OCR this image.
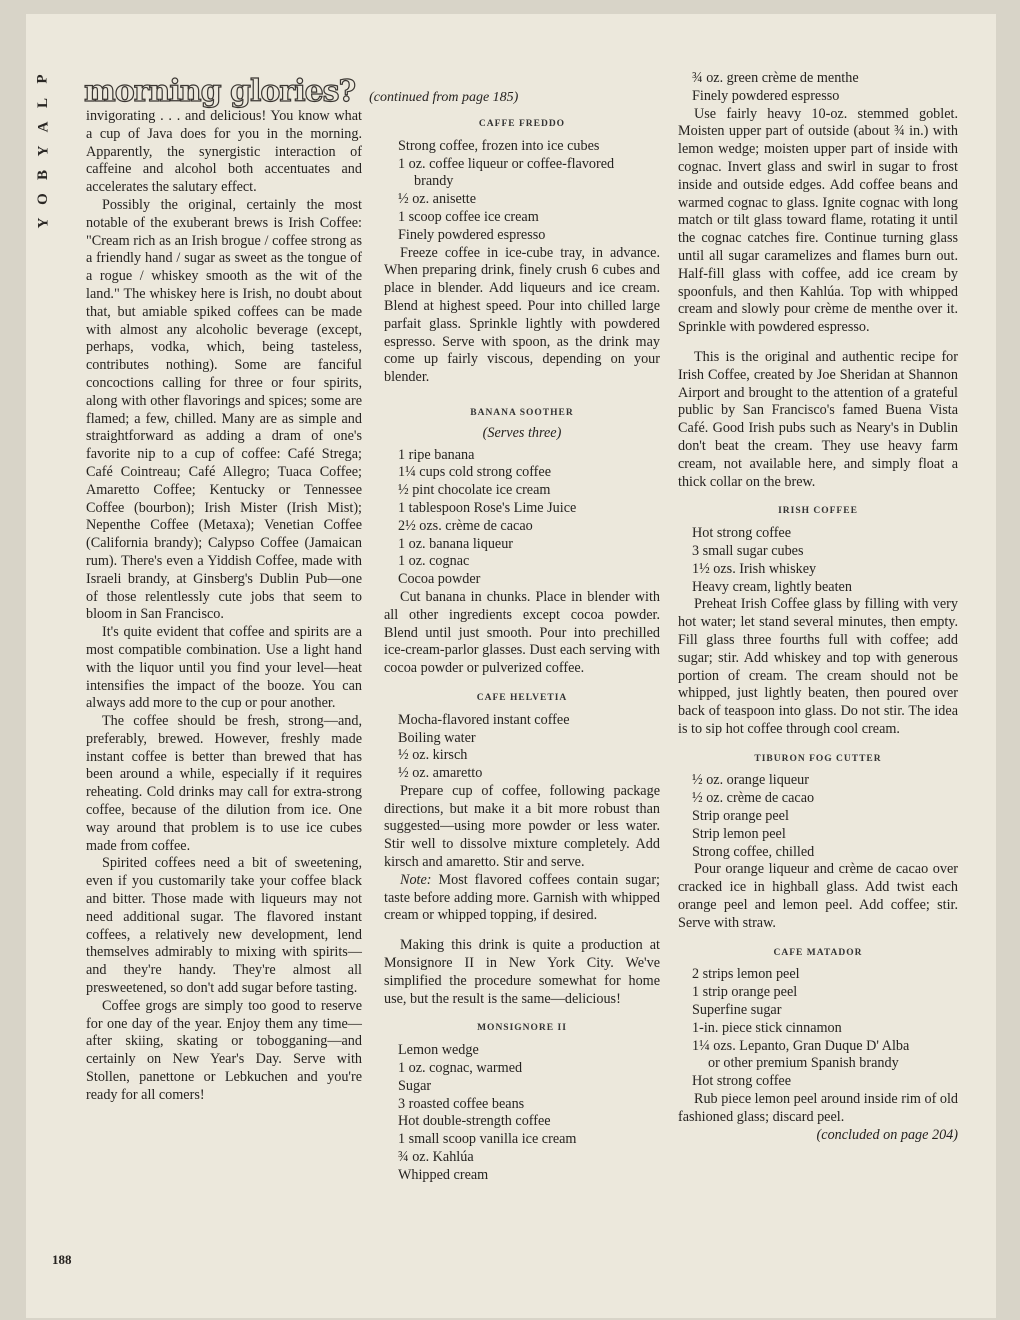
P
L
A
Y
B
O
Y
morning glories? (continued from page 185)

invigorating . . . and delicious! You know what a cup of Java does for you in the morning. Apparently, the synergistic interaction of caffeine and alcohol both accentuates and accelerates the salutary effect.

Possibly the original, certainly the most notable of the exuberant brews is Irish Coffee: "Cream rich as an Irish brogue / coffee strong as a friendly hand / sugar as sweet as the tongue of a rogue / whiskey smooth as the wit of the land." The whiskey here is Irish, no doubt about that, but amiable spiked coffees can be made with almost any alcoholic beverage (except, perhaps, vodka, which, being tasteless, contributes nothing). Some are fanciful concoctions calling for three or four spirits, along with other flavorings and spices; some are flamed; a few, chilled. Many are as simple and straightforward as adding a dram of one's favorite nip to a cup of coffee: Café Strega; Café Cointreau; Café Allegro; Tuaca Coffee; Amaretto Coffee; Kentucky or Tennessee Coffee (bourbon); Irish Mister (Irish Mist); Nepenthe Coffee (Metaxa); Venetian Coffee (California brandy); Calypso Coffee (Jamaican rum). There's even a Yiddish Coffee, made with Israeli brandy, at Ginsberg's Dublin Pub—one of those relentlessly cute jobs that seem to bloom in San Francisco.

It's quite evident that coffee and spirits are a most compatible combination. Use a light hand with the liquor until you find your level—heat intensifies the impact of the booze. You can always add more to the cup or pour another.

The coffee should be fresh, strong—and, preferably, brewed. However, freshly made instant coffee is better than brewed that has been around a while, especially if it requires reheating. Cold drinks may call for extra-strong coffee, because of the dilution from ice. One way around that problem is to use ice cubes made from coffee.

Spirited coffees need a bit of sweetening, even if you customarily take your coffee black and bitter. Those made with liqueurs may not need additional sugar. The flavored instant coffees, a relatively new development, lend themselves admirably to mixing with spirits—and they're handy. They're almost all presweetened, so don't add sugar before tasting.

Coffee grogs are simply too good to reserve for one day of the year. Enjoy them any time—after skiing, skating or tobogganing—and certainly on New Year's Day. Serve with Stollen, panettone or Lebkuchen and you're ready for all comers!

CAFFE FREDDO

Strong coffee, frozen into ice cubes

1 oz. coffee liqueur or coffee-flavored

brandy

½ oz. anisette

1 scoop coffee ice cream

Finely powdered espresso

Freeze coffee in ice-cube tray, in advance. When preparing drink, finely crush 6 cubes and place in blender. Add liqueurs and ice cream. Blend at highest speed. Pour into chilled large parfait glass. Sprinkle lightly with powdered espresso. Serve with spoon, as the drink may come up fairly viscous, depending on your blender.

BANANA SOOTHER
(Serves three)

1 ripe banana

1¼ cups cold strong coffee

½ pint chocolate ice cream

1 tablespoon Rose's Lime Juice

2½ ozs. crème de cacao

1 oz. banana liqueur

1 oz. cognac

Cocoa powder

Cut banana in chunks. Place in blender with all other ingredients except cocoa powder. Blend until just smooth. Pour into prechilled ice-cream-parlor glasses. Dust each serving with cocoa powder or pulverized coffee.

CAFE HELVETIA

Mocha-flavored instant coffee

Boiling water

½ oz. kirsch

½ oz. amaretto

Prepare cup of coffee, following package directions, but make it a bit more robust than suggested—using more powder or less water. Stir well to dissolve mixture completely. Add kirsch and amaretto. Stir and serve.

Note: Most flavored coffees contain sugar; taste before adding more. Garnish with whipped cream or whipped topping, if desired.

Making this drink is quite a production at Monsignore II in New York City. We've simplified the procedure somewhat for home use, but the result is the same—delicious!

MONSIGNORE II

Lemon wedge

1 oz. cognac, warmed

Sugar

3 roasted coffee beans

Hot double-strength coffee

1 small scoop vanilla ice cream

¾ oz. Kahlúa

Whipped cream

¾ oz. green crème de menthe

Finely powdered espresso

Use fairly heavy 10-oz. stemmed goblet. Moisten upper part of outside (about ¾ in.) with lemon wedge; moisten upper part of inside with cognac. Invert glass and swirl in sugar to frost inside and outside edges. Add coffee beans and warmed cognac to glass. Ignite cognac with long match or tilt glass toward flame, rotating it until the cognac catches fire. Continue turning glass until all sugar caramelizes and flames burn out. Half-fill glass with coffee, add ice cream by spoonfuls, and then Kahlúa. Top with whipped cream and slowly pour crème de menthe over it. Sprinkle with powdered espresso.

This is the original and authentic recipe for Irish Coffee, created by Joe Sheridan at Shannon Airport and brought to the attention of a grateful public by San Francisco's famed Buena Vista Café. Good Irish pubs such as Neary's in Dublin don't beat the cream. They use heavy farm cream, not available here, and simply float a thick collar on the brew.

IRISH COFFEE

Hot strong coffee

3 small sugar cubes

1½ ozs. Irish whiskey

Heavy cream, lightly beaten

Preheat Irish Coffee glass by filling with very hot water; let stand several minutes, then empty. Fill glass three fourths full with coffee; add sugar; stir. Add whiskey and top with generous portion of cream. The cream should not be whipped, just lightly beaten, then poured over back of teaspoon into glass. Do not stir. The idea is to sip hot coffee through cool cream.

TIBURON FOG CUTTER

½ oz. orange liqueur

½ oz. crème de cacao

Strip orange peel

Strip lemon peel

Strong coffee, chilled

Pour orange liqueur and crème de cacao over cracked ice in highball glass. Add twist each orange peel and lemon peel. Add coffee; stir. Serve with straw.

CAFE MATADOR

2 strips lemon peel

1 strip orange peel

Superfine sugar

1-in. piece stick cinnamon

1¼ ozs. Lepanto, Gran Duque D' Alba

or other premium Spanish brandy

Hot strong coffee

Rub piece lemon peel around inside rim of old fashioned glass; discard peel.

(concluded on page 204)

188
